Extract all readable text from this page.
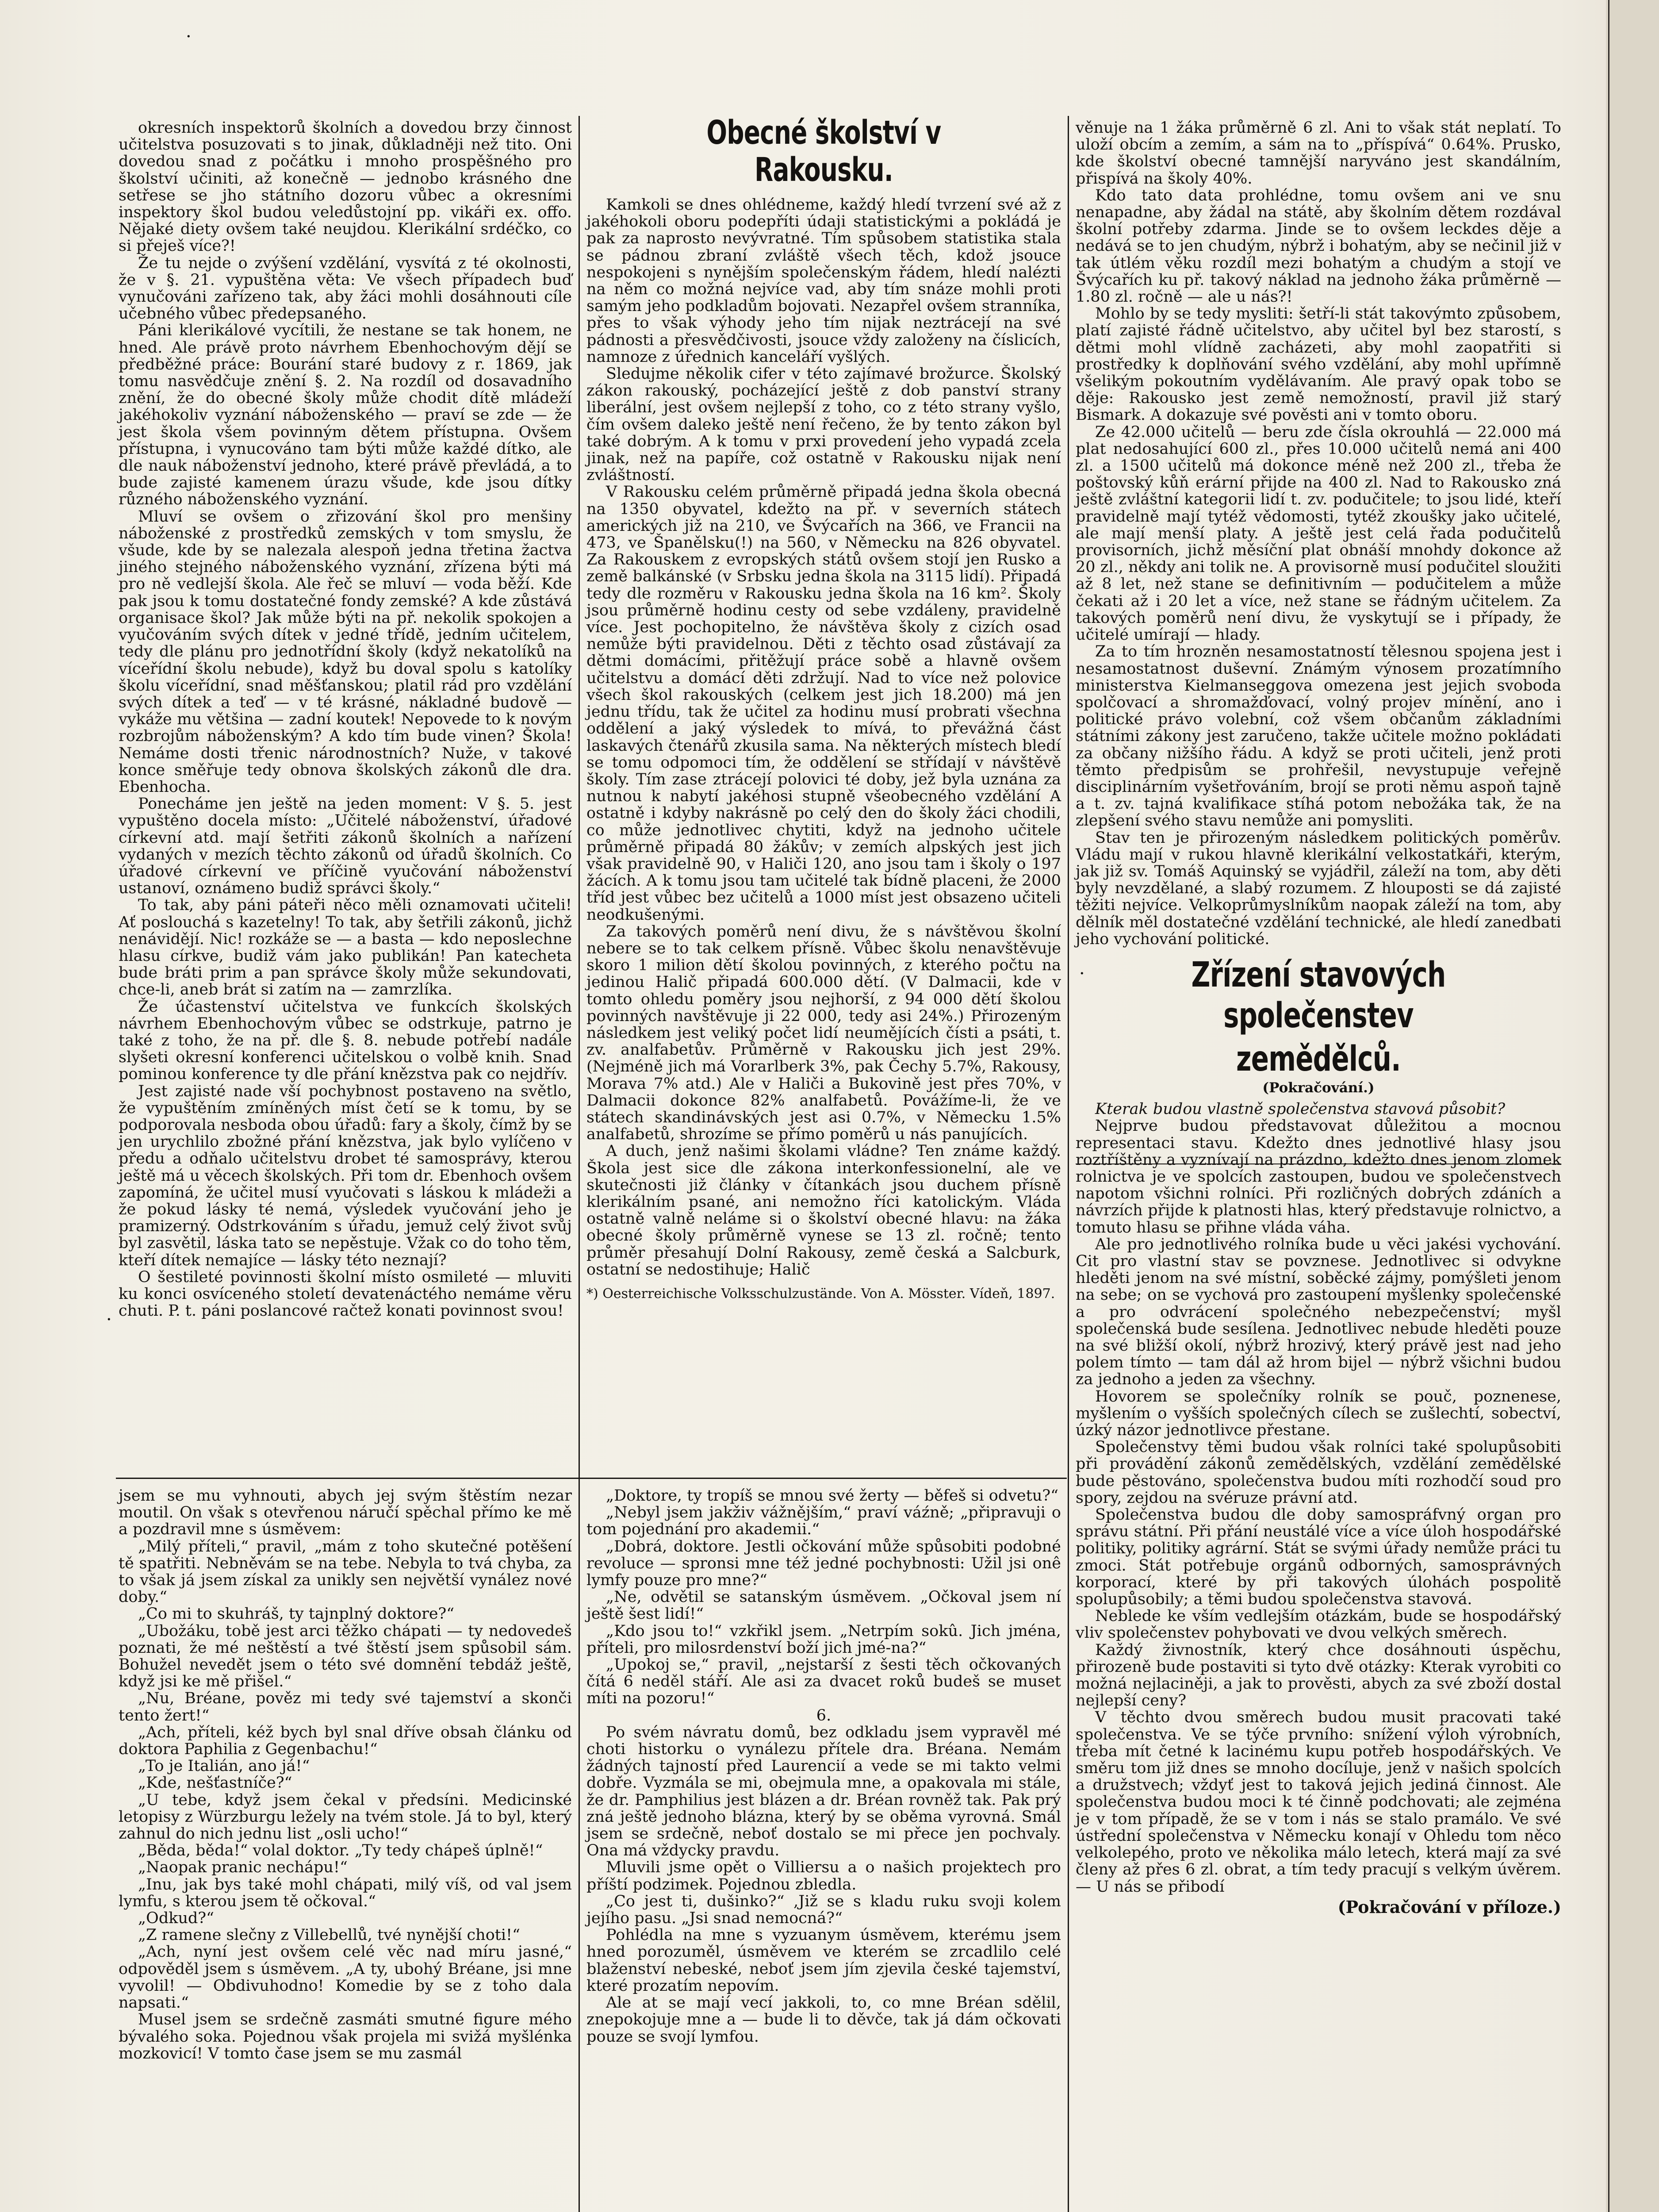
·
·

okresních inspektorů školních a dovedou brzy činnost učitelstva posuzovati s to jinak, důkladněji než tito. Oni dovedou snad z počátku i mnoho prospěšného pro školství učiniti, až konečně — jednobo krásného dne setřese se jho státního dozoru vůbec a okresními inspektory škol budou veledůstojní pp. vikáři ex. offo. Nějaké diety ovšem také neujdou. Klerikální srdéčko, co si přeješ více?!

Že tu nejde o zvýšení vzdělání, vysvítá z té okolnosti, že v §. 21. vypuštěna věta: Ve všech případech buď vynučováni zařízeno tak, aby žáci mohli dosáhnouti cíle učebného vůbec předepsaného.

Páni klerikálové vycítili, že nestane se tak honem, ne hned. Ale právě proto návrhem Ebenhochovým dějí se předběžné práce: Bourání staré budovy z r. 1869, jak tomu nasvědčuje znění §. 2. Na rozdíl od dosavadního znění, že do obecné školy může chodit dítě mládeží jakéhokoliv vyznání náboženského — praví se zde — že jest škola všem povinným dětem přístupna. Ovšem přístupna, i vynucováno tam býti může každé dítko, ale dle nauk náboženství jednoho, které právě převládá, a to bude zajisté kamenem úrazu všude, kde jsou dítky různého náboženského vyznání.

Mluví se ovšem o zřizování škol pro menšiny náboženské z prostředků zemských v tom smyslu, že všude, kde by se nalezala alespoň jedna třetina žactva jiného stejného náboženského vyznání, zřízena býti má pro ně vedlejší škola. Ale řeč se mluví — voda běží. Kde pak jsou k tomu dostatečné fondy zemské? A kde zůstává organisace škol? Jak může býti na př. nekolik spokojen a vyučováním svých dítek v jedné třídě, jedním učitelem, tedy dle plánu pro jednotřídní školy (když nekatolíků na víceřídní školu nebude), když bu doval spolu s katolíky školu víceřídní, snad měšťanskou; platil rád pro vzdělání svých dítek a teď — v té krásné, nákladné budově — vykáže mu většina — zadní koutek! Nepovede to k novým rozbrojům náboženským? A kdo tím bude vinen? Škola! Nemáme dosti třenic národnostních? Nuže, v takové konce směřuje tedy obnova školských zákonů dle dra. Ebenhocha.

Ponecháme jen ještě na jeden moment: V §. 5. jest vypuštěno docela místo: „Učitelé náboženství, úřadové církevní atd. mají šetřiti zákonů školních a nařízení vydaných v mezích těchto zákonů od úřadů školních. Co úřadové církevní ve příčině vyučování náboženství ustanoví, oznámeno budiž správci školy.“

To tak, aby páni páteři něco měli oznamovati učiteli! Ať poslouchá s kazetelny! To tak, aby šetřili zákonů, jichž nenávidějí. Nic! rozkáže se — a basta — kdo neposlechne hlasu církve, budiž vám jako publikán! Pan katecheta bude bráti prim a pan správce školy může sekundovati, chce-li, aneb brát si zatím na — zamrzlíka.

Že účastenství učitelstva ve funkcích školských návrhem Ebenhochovým vůbec se odstrkuje, patrno je také z toho, že na př. dle §. 8. nebude potřebí nadále slyšeti okresní konferenci učitelskou o volbě knih. Snad pominou konference ty dle přání knězstva pak co nejdřív.

Jest zajisté nade vší pochybnost postaveno na světlo, že vypuštěním zmíněných míst četí se k tomu, by se podporovala nesboda obou úřadů: fary a školy, čímž by se jen urychlilo zbožné přání knězstva, jak bylo vylíčeno v předu a odňalo učitelstvu drobet té samosprávy, kterou ještě má u věcech školských. Při tom dr. Ebenhoch ovšem zapomíná, že učitel musí vyučovati s láskou k mládeži a že pokud lásky té nemá, výsledek vyučování jeho je pramizerný. Odstrkováním s úřadu, jemuž celý život svůj byl zasvětil, láska tato se nepěstuje. Vžak co do toho těm, kteří dítek nemajíce — lásky této neznají?

O šestileté povinnosti školní místo osmileté — mluviti ku konci osvíceného století devatenáctého nemáme věru chuti. P. t. páni poslancové račtež konati povinnost svou!

jsem se mu vyhnouti, abych jej svým štěstím nezar moutil. On však s otevřenou náručí spěchal přímo ke mě a pozdravil mne s úsměvem:

„Milý příteli,“ pravil, „mám z toho skutečné potěšení tě spatřiti. Nebněvám se na tebe. Nebyla to tvá chyba, za to však já jsem získal za unikly sen největší vynález nové doby.“

„Co mi to skuhráš, ty tajnplný doktore?“

„Ubožáku, tobě jest arci těžko chápati — ty nedovedeš poznati, že mé neštěstí a tvé štěstí jsem spůsobil sám. Bohužel nevedět jsem o této své domnění tebdáž ještě, když jsi ke mě přišel.“

„Nu, Bréane, pověz mi tedy své tajemství a skonči tento žert!“

„Ach, příteli, kéž bych byl snal dříve obsah článku od doktora Paphilia z Gegenbachu!“

„To je Italián, ano já!“

„Kde, nešťastníče?“

„U tebe, když jsem čekal v předsíni. Medicinské letopisy z Würzburgu ležely na tvém stole. Já to byl, který zahnul do nich jednu list „osli ucho!“

„Běda, běda!“ volal doktor. „Ty tedy chápeš úplně!“

„Naopak pranic nechápu!“

„Inu, jak bys také mohl chápati, milý víš, od val jsem lymfu, s kterou jsem tě očkoval.“

„Odkud?“

„Z ramene slečny z Villebellů, tvé nynější choti!“

„Ach, nyní jest ovšem celé věc nad míru jasné,“ odpověděl jsem s úsměvem. „A ty, ubohý Bréane, jsi mne vyvolil! — Obdivuhodno! Komedie by se z toho dala napsati.“

Musel jsem se srdečně zasmáti smutné figure mého bývalého soka. Pojednou však projela mi svižá myšlénka mozkovicí! V tomto čase jsem se mu zasmál

Obecné školství v Rakousku.

Kamkoli se dnes ohlédneme, každý hledí tvrzení své až z jakéhokoli oboru podepříti údaji statistickými a pokládá je pak za naprosto nevývratné. Tím spůsobem statistika stala se pádnou zbraní zvláště všech těch, kdož jsouce nespokojeni s nynějším společenským řádem, hledí nalézti na něm co možná nejvíce vad, aby tím snáze mohli proti samým jeho podkladům bojovati. Nezapřel ovšem stranníka, přes to však výhody jeho tím nijak neztrácejí na své pádnosti a přesvědčivosti, jsouce vždy založeny na číslicích, namnoze z úřednich kanceláří vyšlých.

Sledujme několik cifer v této zajímavé brožurce. Školský zákon rakouský, pocházející ještě z dob panství strany liberální, jest ovšem nejlepší z toho, co z této strany vyšlo, čím ovšem daleko ještě není řečeno, že by tento zákon byl také dobrým. A k tomu v prxi provedení jeho vypadá zcela jinak, než na papíře, což ostatně v Rakousku nijak není zvláštností.

V Rakousku celém průměrně připadá jedna škola obecná na 1350 obyvatel, kdežto na př. v severních státech amerických již na 210, ve Švýcařích na 366, ve Francii na 473, ve Španělsku(!) na 560, v Německu na 826 obyvatel. Za Rakouskem z evropských států ovšem stojí jen Rusko a země balkánské (v Srbsku jedna škola na 3115 lidí). Připadá tedy dle rozměru v Rakousku jedna škola na 16 km². Školy jsou průměrně hodinu cesty od sebe vzdáleny, pravidelně více. Jest pochopitelno, že návštěva školy z cizích osad nemůže býti pravidelnou. Děti z těchto osad zůstávají za dětmi domácími, přitěžují práce sobě a hlavně ovšem učitelstvu a domácí děti zdržují. Nad to více než polovice všech škol rakouských (celkem jest jich 18.200) má jen jednu třídu, tak že učitel za hodinu musí probrati všechna oddělení a jaký výsledek to mívá, to převážná část laskavých čtenářů zkusila sama. Na některých místech bledí se tomu odpomoci tím, že oddělení se střídají v návštěvě školy. Tím zase ztrácejí polovici té doby, jež byla uznána za nutnou k nabytí jakéhosi stupně všeobecného vzdělání A ostatně i kdyby nakrásně po celý den do školy žáci chodili, co může jednotlivec chytiti, když na jednoho učitele průměrně připadá 80 žákův; v zemích alpských jest jich však pravidelně 90, v Haliči 120, ano jsou tam i školy o 197 žácích. A k tomu jsou tam učitelé tak bídně placeni, že 2000 tříd jest vůbec bez učitelů a 1000 míst jest obsazeno učiteli neodkušenými.

Za takových poměrů není divu, že s návštěvou školní nebere se to tak celkem přísně. Vůbec školu nenavštěvuje skoro 1 milion dětí školou povinných, z kterého počtu na jedinou Halič připadá 600.000 dětí. (V Dalmacii, kde v tomto ohledu poměry jsou nejhorší, z 94 000 dětí školou povinných navštěvuje ji 22 000, tedy asi 24%.) Přirozeným následkem jest veliký počet lidí neumějících čísti a psáti, t. zv. analfabetův. Průměrně v Rakousku jich jest 29%. (Nejméně jich má Vorarlberk 3%, pak Čechy 5.7%, Rakousy, Morava 7% atd.) Ale v Haliči a Bukovině jest přes 70%, v Dalmacii dokonce 82% analfabetů. Povážíme-li, že ve státech skandinávských jest asi 0.7%, v Německu 1.5% analfabetů, shrozíme se přímo poměrů u nás panujících.

A duch, jenž našimi školami vládne? Ten známe každý. Škola jest sice dle zákona interkonfessionelní, ale ve skutečnosti již články v čítankách jsou duchem přísně klerikálním psané, ani nemožno říci katolickým. Vláda ostatně valně neláme si o školství obecné hlavu: na žáka obecné školy průměrně vynese se 13 zl. ročně; tento průměr přesahují Dolní Rakousy, země česká a Salcburk, ostatní se nedostihuje; Halič

*) Oesterreichische Volksschulzustände. Von A. Mösster. Vídeň, 1897.

„Doktore, ty tropíš se mnou své žerty — běfeš si odvetu?“

„Nebyl jsem jakživ vážnějším,“ praví váźně; „připravuji o tom pojednání pro akademii.“

„Dobrá, doktore. Jestli očkování může spůsobiti podobné revoluce — spronsi mne též jedné pochybnosti: Užil jsi onê lymfy pouze pro mne?“

„Ne, odvětil se satanským úsměvem. „Očkoval jsem ní ještě šest lidí!“

„Kdo jsou to!“ vzkřikl jsem. „Netrpím sokû. Jich jména, příteli, pro milosrdenství boží jich jmé-na?“

„Upokoj se,“ pravil, „nejstarší z šesti těch očkovaných čítá 6 neděl stáří. Ale asi za dvacet roků budeš se muset míti na pozoru!“

6.

Po svém návratu domů, bez odkladu jsem vypravěl mé choti historku o vynálezu přítele dra. Bréana. Nemám žádných tajností před Laurencií a vede se mi takto velmi dobře. Vyzmála se mi, obejmula mne, a opakovala mi stále, že dr. Pamphilius jest blázen a dr. Bréan rovněž tak. Pak prý zná ještě jednoho blázna, který by se oběma vyrovná. Smál jsem se srdečně, neboť dostalo se mi přece jen pochvaly. Ona má vždycky pravdu.

Mluvili jsme opět o Villiersu a o našich projektech pro příští podzimek. Pojednou zbledla.

„Co jest ti, dušinko?“ ,Již se s kladu ruku svoji kolem jejího pasu. „Jsi snad nemocná?“

Pohlédla na mne s vyzuanym úsměvem, kterému jsem hned porozuměl, úsměvem ve kterém se zrcadlilo celé blaženství nebeské, neboť jsem jím zjevila české tajemství, které prozatím nepovím.

Ale at se mají vecí jakkoli, to, co mne Bréan sdělil, znepokojuje mne a — bude li to děvče, tak já dám očkovati pouze se svojí lymfou.

věnuje na 1 žáka průměrně 6 zl. Ani to však stát neplatí. To uloží obcím a zemím, a sám na to „příspívá“ 0.64%. Prusko, kde školství obecné tamnější naryváno jest skandálním, přispívá na školy 40%.

Kdo tato data prohlédne, tomu ovšem ani ve snu nenapadne, aby žádal na státě, aby školním dětem rozdával školní potřeby zdarma. Jinde se to ovšem leckdes děje a nedává se to jen chudým, nýbrž i bohatým, aby se nečinil již v tak útlém věku rozdíl mezi bohatým a chudým a stojí ve Švýcařích ku př. takový náklad na jednoho žáka průměrně — 1.80 zl. ročně — ale u nás?!

Mohlo by se tedy mysliti: šetří-li stát takovýmto způsobem, platí zajisté řádně učitelstvo, aby učitel byl bez starostí, s dětmi mohl vlídně zacházeti, aby mohl zaopatřiti si prostředky k doplňování svého vzdělání, aby mohl upřímně všelikým pokoutním vydělávaním. Ale pravý opak tobo se děje: Rakousko jest země nemožností, pravil již starý Bismark. A dokazuje své pověsti ani v tomto oboru.

Ze 42.000 učitelů — beru zde čísla okrouhlá — 22.000 má plat nedosahující 600 zl., přes 10.000 učitelů nemá ani 400 zl. a 1500 učitelů má dokonce méně než 200 zl., třeba že poštovský kůň erární přijde na 400 zl. Nad to Rakousko zná ještě zvláštní kategorii lidí t. zv. podučitele; to jsou lidé, kteří pravidelně mají tytéž vědomosti, tytéž zkoušky jako učitelé, ale mají menší platy. A ještě jest celá řada podučitelů provisorních, jichž měsíční plat obnáší mnohdy dokonce až 20 zl., někdy ani tolik ne. A provisorně musí podučitel sloužiti až 8 let, než stane se definitivním — podučitelem a může čekati až i 20 let a více, než stane se řádným učitelem. Za takových poměrů není divu, že vyskytují se i případy, že učitelé umírají — hlady.

Za to tím hrozněn nesamostatností tělesnou spojena jest i nesamostatnost duševní. Známým výnosem prozatímního ministerstva Kielmanseggova omezena jest jejich svoboda spolčovací a shromažďovací, volný projev mínění, ano i politické právo volební, což všem občanům základními státními zákony jest zaručeno, takže učitele možno pokládati za občany nižšího řádu. A když se proti učiteli, jenž proti těmto předpisům se prohřešil, nevystupuje veřejně disciplinárním vyšetřováním, brojí se proti němu aspoň tajně a t. zv. tajná kvalifikace stíhá potom nebožáka tak, že na zlepšení svého stavu nemůže ani pomysliti.

Stav ten je přirozeným následkem politických poměrův. Vládu mají v rukou hlavně klerikální velkostatkáři, kterým, jak již sv. Tomáš Aquinský se vyjádřil, záleží na tom, aby děti byly nevzdělané, a slabý rozumem. Z hlouposti se dá zajisté těžiti nejvíce. Velkoprůmyslníkům naopak záleží na tom, aby dělník měl dostatečné vzdělání technické, ale hledí zanedbati jeho vychování politické.

·	Zřízení stavových společenstev
zemědělců.
(Pokračování.)

Kterak budou vlastně společenstva stavová působit?

Nejprve budou představovat důležitou a mocnou representaci stavu. Kdežto dnes jednotlivé hlasy jsou roztříštěny a vyznívají na prázdno, kdežto dnes jenom zlomek rolnictva je ve spolcích zastoupen, budou ve společenstvech napotom všichni rolníci. Při rozličných dobrých zdáních a návrzích přijde k platnosti hlas, který představuje rolnictvo, a tomuto hlasu se přihne vláda váha.

Ale pro jednotlivého rolníka bude u věci jakési vychování. Cit pro vlastní stav se povznese. Jednotlivec si odvykne hleděti jenom na své místní, soběcké zájmy, pomýšleti jenom na sebe; on se vychová pro zastoupení myšlenky společenské a pro odvrácení společného nebezpečenství; myšl společenská bude sesílena. Jednotlivec nebude hleděti pouze na své bližší okolí, nýbrž hrozivý, který právě jest nad jeho polem tímto — tam dál až hrom bijel — nýbrž všichni budou za jednoho a jeden za všechny.

Hovorem se společníky rolník se pouč, poznenese, myšlením o vyšších společných cílech se zušlechtí, sobectví, úzký názor jednotlivce přestane.

Společenstvy těmi budou však rolníci také spolupůsobiti při provádění zákonů zemědělských, vzdělání zemědělské bude pěstováno, společenstva budou míti rozhodčí soud pro spory, zejdou na svéruze právní atd.

Společenstva budou dle doby samospráfvný organ pro správu státní. Při přání neustálé více a více úloh hospodářské politiky, politiky agrární. Stát se svými úřady nemůže práci tu zmoci. Stát potřebuje orgánů odborných, samosprávných korporací, které by při takových úlohách pospolitě spolupůsobily; a těmi budou společenstva stavová.

Neblede ke vším vedlejším otázkám, bude se hospodářský vliv společenstev pohybovati ve dvou velkých směrech.

Každý živnostník, který chce dosáhnouti úspěchu, přirozeně bude postaviti si tyto dvě otázky: Kterak vyrobiti co možná nejlaciněji, a jak to prověsti, abych za své zboží dostal nejlepší ceny?

V těchto dvou směrech budou musit pracovati také společenstva. Ve se týče prvního: snížení výloh výrobních, třeba mít četné k lacinému kupu potřeb hospodářských. Ve směru tom již dnes se mnoho docíluje, jenž v našich spolcích a družstvech; vždyť jest to taková jejich jediná činnost. Ale společenstva budou moci k té činně podchovati; ale zejména je v tom případě, že se v tom i nás se stalo pramálo. Ve své ústřední společenstva v Německu konají v Ohledu tom něco velkolepého, proto ve několika málo letech, která mají za své členy až přes 6 zl. obrat, a tím tedy pracují s velkým úvěrem. — U nás se přibodí

(Pokračování v příloze.)
